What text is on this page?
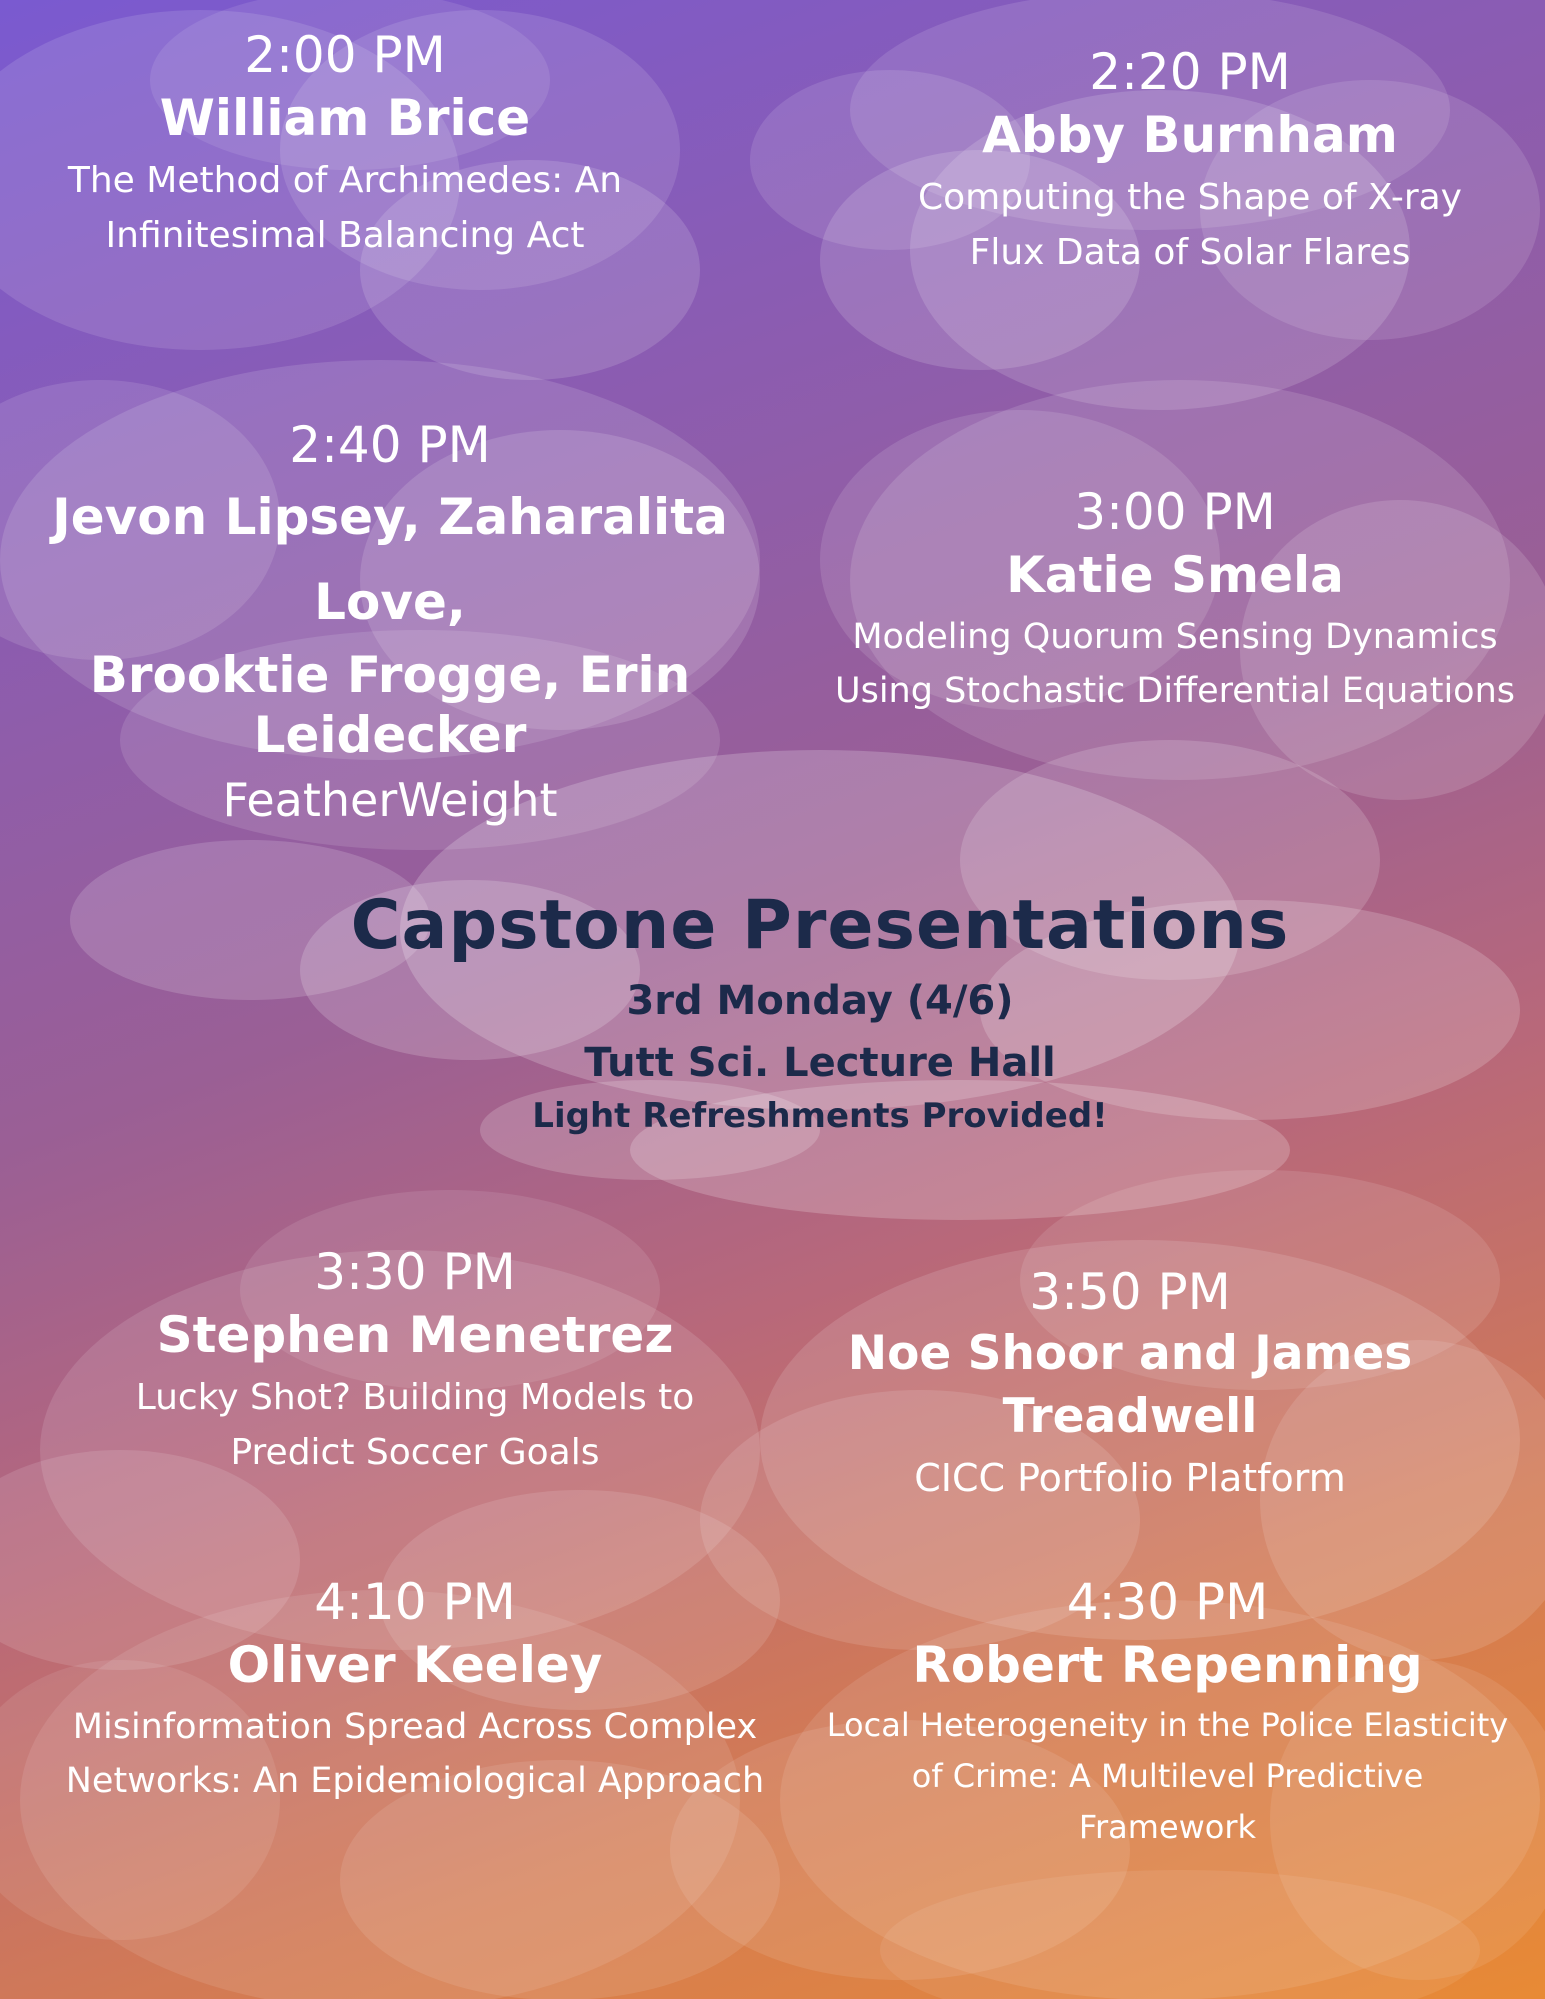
2:00 PM
William Brice
The Method of Archimedes: An
Infinitesimal Balancing Act
2:20 PM
Abby Burnham
Computing the Shape of X-ray
Flux Data of Solar Flares
2:40 PM
Jevon Lipsey, Zaharalita Love,
Brooktie Frogge, Erin Leidecker
FeatherWeight
3:00 PM
Katie Smela
Modeling Quorum Sensing Dynamics
Using Stochastic Differential Equations
Capstone Presentations
3rd Monday (4/6)
Tutt Sci. Lecture Hall
Light Refreshments Provided!
3:30 PM
Stephen Menetrez
Lucky Shot? Building Models to
Predict Soccer Goals
3:50 PM
Noe Shoor and James Treadwell
CICC Portfolio Platform
4:10 PM
Oliver Keeley
Misinformation Spread Across Complex
Networks: An Epidemiological Approach
4:30 PM
Robert Repenning
Local Heterogeneity in the Police Elasticity
of Crime: A Multilevel Predictive
Framework
